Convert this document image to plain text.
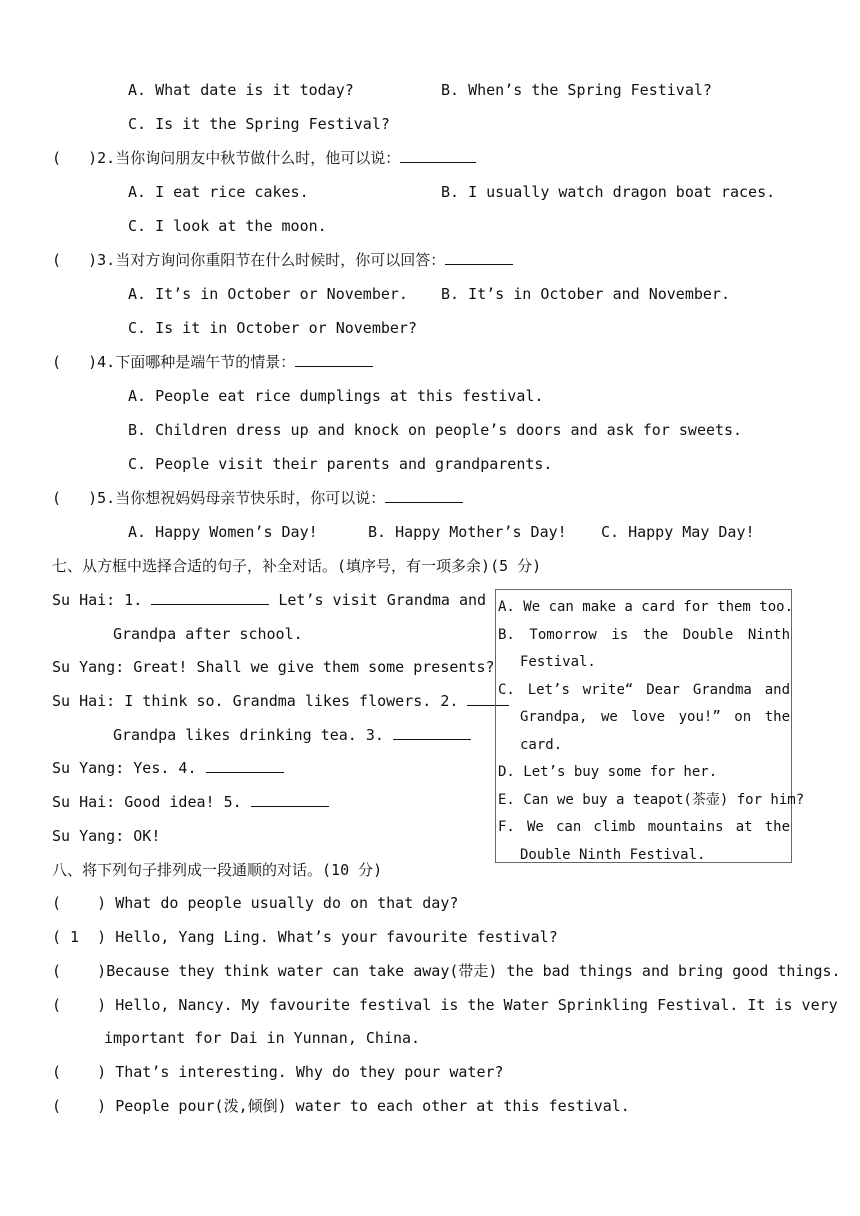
A. What date is it today?	B. When’s the Spring Festival?
C. Is it the Spring Festival?
(   )2.当你询问朋友中秋节做什么时，他可以说：
A. I eat rice cakes.	B. I usually watch dragon boat races.
C. I look at the moon.
(   )3.当对方询问你重阳节在什么时候时，你可以回答：
A. It’s in October or November. B. It’s in October and November.
C. Is it in October or November?
(   )4.下面哪种是端午节的情景：
A. People eat rice dumplings at this festival.
B. Children dress up and knock on people’s doors and ask for sweets.
C. People visit their parents and grandparents.
(   )5.当你想祝妈妈母亲节快乐时，你可以说：
A. Happy Women’s Day!	B. Happy Mother’s Day! C. Happy May Day!
七、从方框中选择合适的句子，补全对话。(填序号，有一项多余)(5 分)
Su Hai: 1.	Let’s visit Grandma and
Grandpa after school.
Su Yang: Great! Shall we give them some presents?
Su Hai: I think so. Grandma likes flowers. 2.
Grandpa likes drinking tea. 3.
Su Yang: Yes. 4.
Su Hai: Good idea! 5.
Su Yang: OK!
A. We can make a card for them too.
B. Tomorrow is the Double Ninth
Festival.
C. Let’s write“ Dear Grandma and
Grandpa, we love you!” on the
card.
D. Let’s buy some for her.
E. Can we buy a teapot(茶壶) for him?
F. We can climb mountains at the
Double Ninth Festival.
八、将下列句子排列成一段通顺的对话。(10 分)
(    ) What do people usually do on that day?
( 1  ) Hello, Yang Ling. What’s your favourite festival?
(    )Because they think water can take away(带走) the bad things and bring good things.
(    ) Hello, Nancy. My favourite festival is the Water Sprinkling Festival. It is very
important for Dai in Yunnan, China.
(    ) That’s interesting. Why do they pour water?
(    ) People pour(泼,倾倒) water to each other at this festival.
